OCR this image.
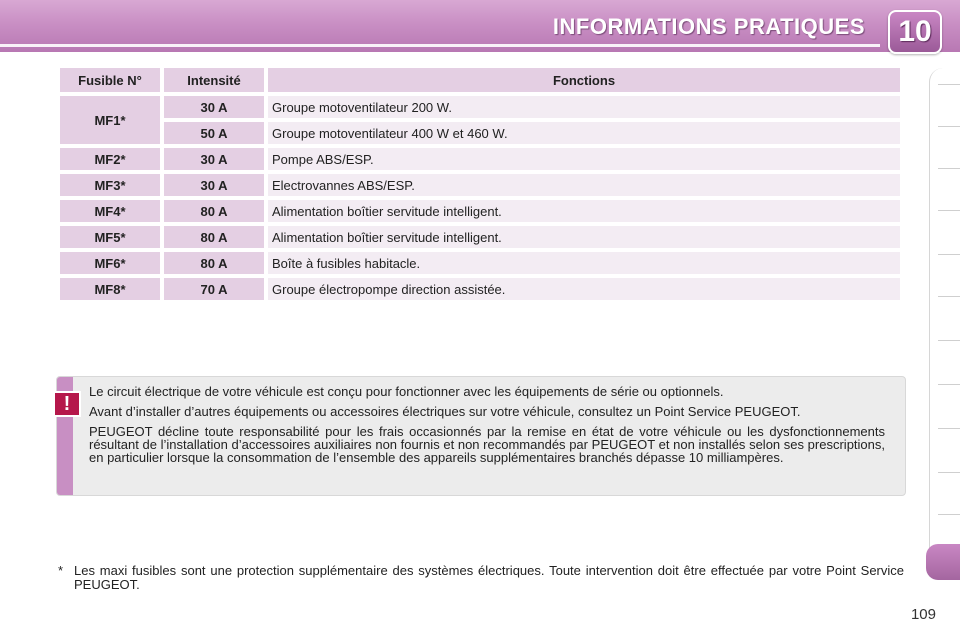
INFORMATIONS PRATIQUES	10
Fusible N°	Intensité	Fonctions
MF1*	30 A	Groupe motoventilateur 200 W.
	50 A	Groupe motoventilateur 400 W et 460 W.
MF2*	30 A	Pompe ABS/ESP.
MF3*	30 A	Electrovannes ABS/ESP.
MF4*	80 A	Alimentation boîtier servitude intelligent.
MF5*	80 A	Alimentation boîtier servitude intelligent.
MF6*	80 A	Boîte à fusibles habitacle.
MF8*	70 A	Groupe électropompe direction assistée.
!

Le circuit électrique de votre véhicule est conçu pour fonctionner avec les équipements de série ou optionnels.

Avant d’installer d’autres équipements ou accessoires électriques sur votre véhicule, consultez un Point Service PEUGEOT.

PEUGEOT décline toute responsabilité pour les frais occasionnés par la remise en état de votre véhicule ou les dysfonctionnements résultant de l’installation d’accessoires auxiliaires non fournis et non recommandés par PEUGEOT et non installés selon ses prescriptions, en particulier lorsque la consommation de l’ensemble des appareils supplémentaires branchés dépasse 10 milliampères.

* Les maxi fusibles sont une protection supplémentaire des systèmes électriques. Toute intervention doit être effectuée par votre Point Service PEUGEOT.
109
